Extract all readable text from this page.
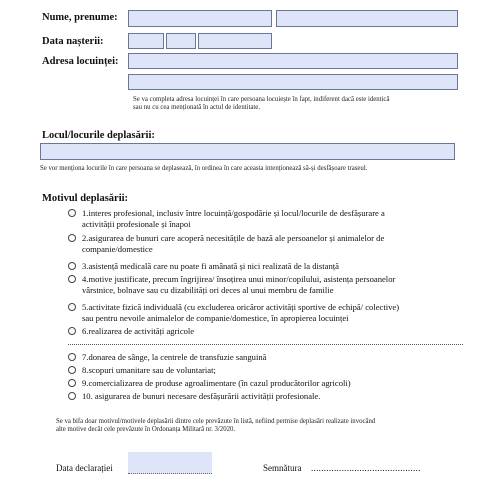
Nume, prenume:
Data nașterii:
Adresa locuinței:
Se va completa adresa locuinței în care persoana locuiește în fapt, indiferent dacă este identică
sau nu cu cea menționată în actul de identitate.
Locul/locurile deplasării:
Se vor menționa locurile în care persoana se deplasează, în ordinea în care aceasta intenționează să-și desfășoare traseul.
Motivul deplasării:
1.interes profesional, inclusiv între locuință/gospodărie și locul/locurile de desfășurare a
activității profesionale și înapoi
2.asigurarea de bunuri care acoperă necesitățile de bază ale persoanelor și animalelor de
companie/domestice
3.asistență medicală care nu poate fi amânată și nici realizată de la distanță
4.motive justificate, precum îngrijirea/ însoțirea unui minor/copilului, asistența persoanelor
vârstnice, bolnave sau cu dizabilități ori deces al unui membru de familie
5.activitate fizică individuală (cu excluderea oricăror activități sportive de echipă/ colective)
sau pentru nevoile animalelor de companie/domestice, în apropierea locuinței
6.realizarea de activități agricole
7.donarea de sânge, la centrele de transfuzie sanguină
8.scopuri umanitare sau de voluntariat;
9.comercializarea de produse agroalimentare (în cazul producătorilor agricoli)
10. asigurarea de bunuri necesare desfășurării activității profesionale.
Se va bifa doar motivul/motivele deplasării dintre cele prevăzute în listă, nefiind permise deplasări realizate invocând
alte motive decât cele prevăzute în Ordonanța Militară nr. 3/2020.
Data declarației	Semnătura ...........................................
